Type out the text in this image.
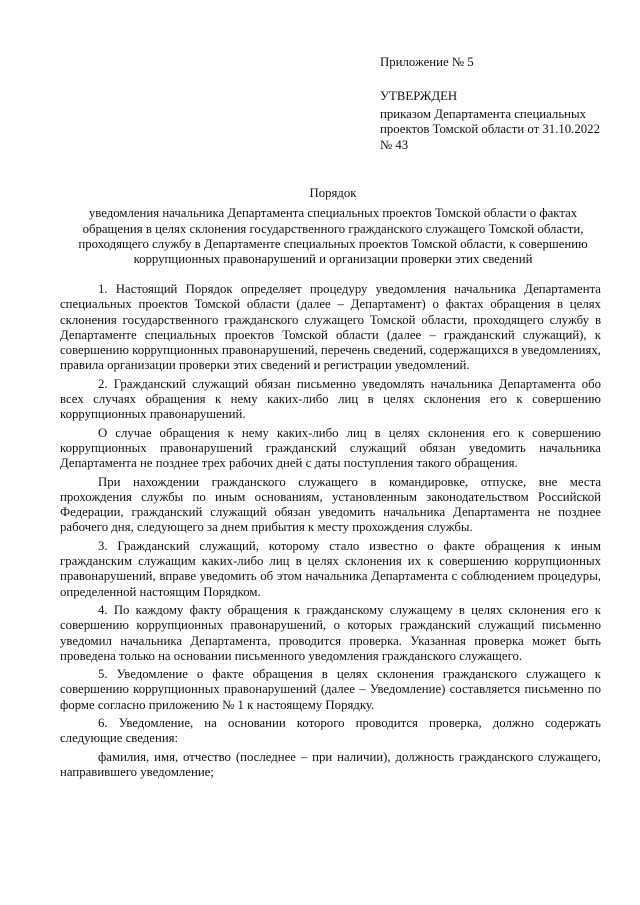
Приложение № 5
УТВЕРЖДЕН
приказом Департамента специальных проектов Томской области от 31.10.2022 № 43
Порядок
уведомления начальника Департамента специальных проектов Томской области о фактах обращения в целях склонения государственного гражданского служащего Томской области, проходящего службу в Департаменте специальных проектов Томской области, к совершению коррупционных правонарушений и организации проверки этих сведений

1. Настоящий Порядок определяет процедуру уведомления начальника Департамента специальных проектов Томской области (далее – Департамент) о фактах обращения в целях склонения государственного гражданского служащего Томской области, проходящего службу в Департаменте специальных проектов Томской области (далее – гражданский служащий), к совершению коррупционных правонарушений, перечень сведений, содержащихся в уведомлениях, правила организации проверки этих сведений и регистрации уведомлений.

2. Гражданский служащий обязан письменно уведомлять начальника Департамента обо всех случаях обращения к нему каких-либо лиц в целях склонения его к совершению коррупционных правонарушений.

О случае обращения к нему каких-либо лиц в целях склонения его к совершению коррупционных правонарушений гражданский служащий обязан уведомить начальника Департамента не позднее трех рабочих дней с даты поступления такого обращения.

При нахождении гражданского служащего в командировке, отпуске, вне места прохождения службы по иным основаниям, установленным законодательством Российской Федерации, гражданский служащий обязан уведомить начальника Департамента не позднее рабочего дня, следующего за днем прибытия к месту прохождения службы.

3. Гражданский служащий, которому стало известно о факте обращения к иным гражданским служащим каких-либо лиц в целях склонения их к совершению коррупционных правонарушений, вправе уведомить об этом начальника Департамента с соблюдением процедуры, определенной настоящим Порядком.

4. По каждому факту обращения к гражданскому служащему в целях склонения его к совершению коррупционных правонарушений, о которых гражданский служащий письменно уведомил начальника Департамента, проводится проверка. Указанная проверка может быть проведена только на основании письменного уведомления гражданского служащего.

5. Уведомление о факте обращения в целях склонения гражданского служащего к совершению коррупционных правонарушений (далее – Уведомление) составляется письменно по форме согласно приложению № 1 к настоящему Порядку.

6. Уведомление, на основании которого проводится проверка, должно содержать следующие сведения:

фамилия, имя, отчество (последнее – при наличии), должность гражданского служащего, направившего уведомление;
